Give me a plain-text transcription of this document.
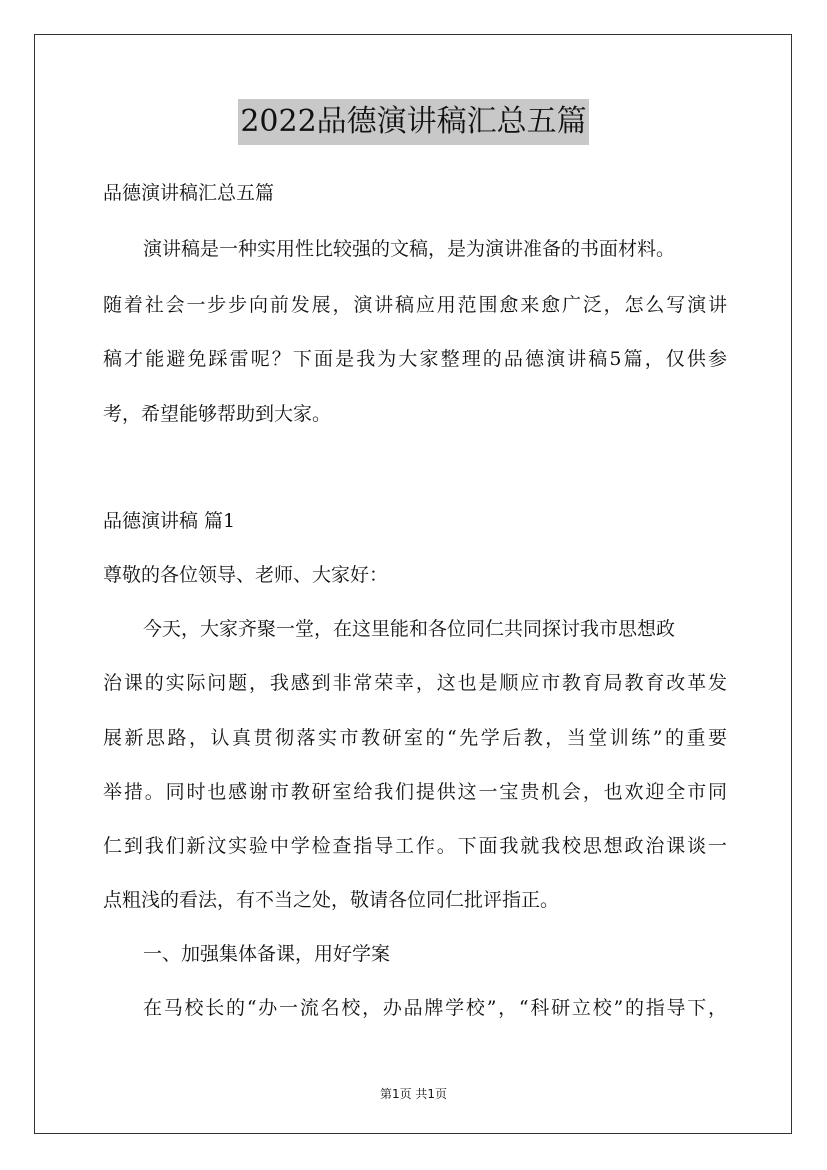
2022品德演讲稿汇总五篇
品德演讲稿汇总五篇
演讲稿是一种实用性比较强的文稿，是为演讲准备的书面材料。
随着社会一步步向前发展，演讲稿应用范围愈来愈广泛，怎么写演讲
稿才能避免踩雷呢？下面是我为大家整理的品德演讲稿5篇，仅供参
考，希望能够帮助到大家。
品德演讲稿 篇1
尊敬的各位领导、老师、大家好：
今天，大家齐聚一堂，在这里能和各位同仁共同探讨我市思想政
治课的实际问题，我感到非常荣幸，这也是顺应市教育局教育改革发
展新思路，认真贯彻落实市教研室的“先学后教，当堂训练”的重要
举措。同时也感谢市教研室给我们提供这一宝贵机会，也欢迎全市同
仁到我们新汶实验中学检查指导工作。下面我就我校思想政治课谈一
点粗浅的看法，有不当之处，敬请各位同仁批评指正。
一、加强集体备课，用好学案
在马校长的“办一流名校，办品牌学校”，“科研立校”的指导下，
第1页 共1页
